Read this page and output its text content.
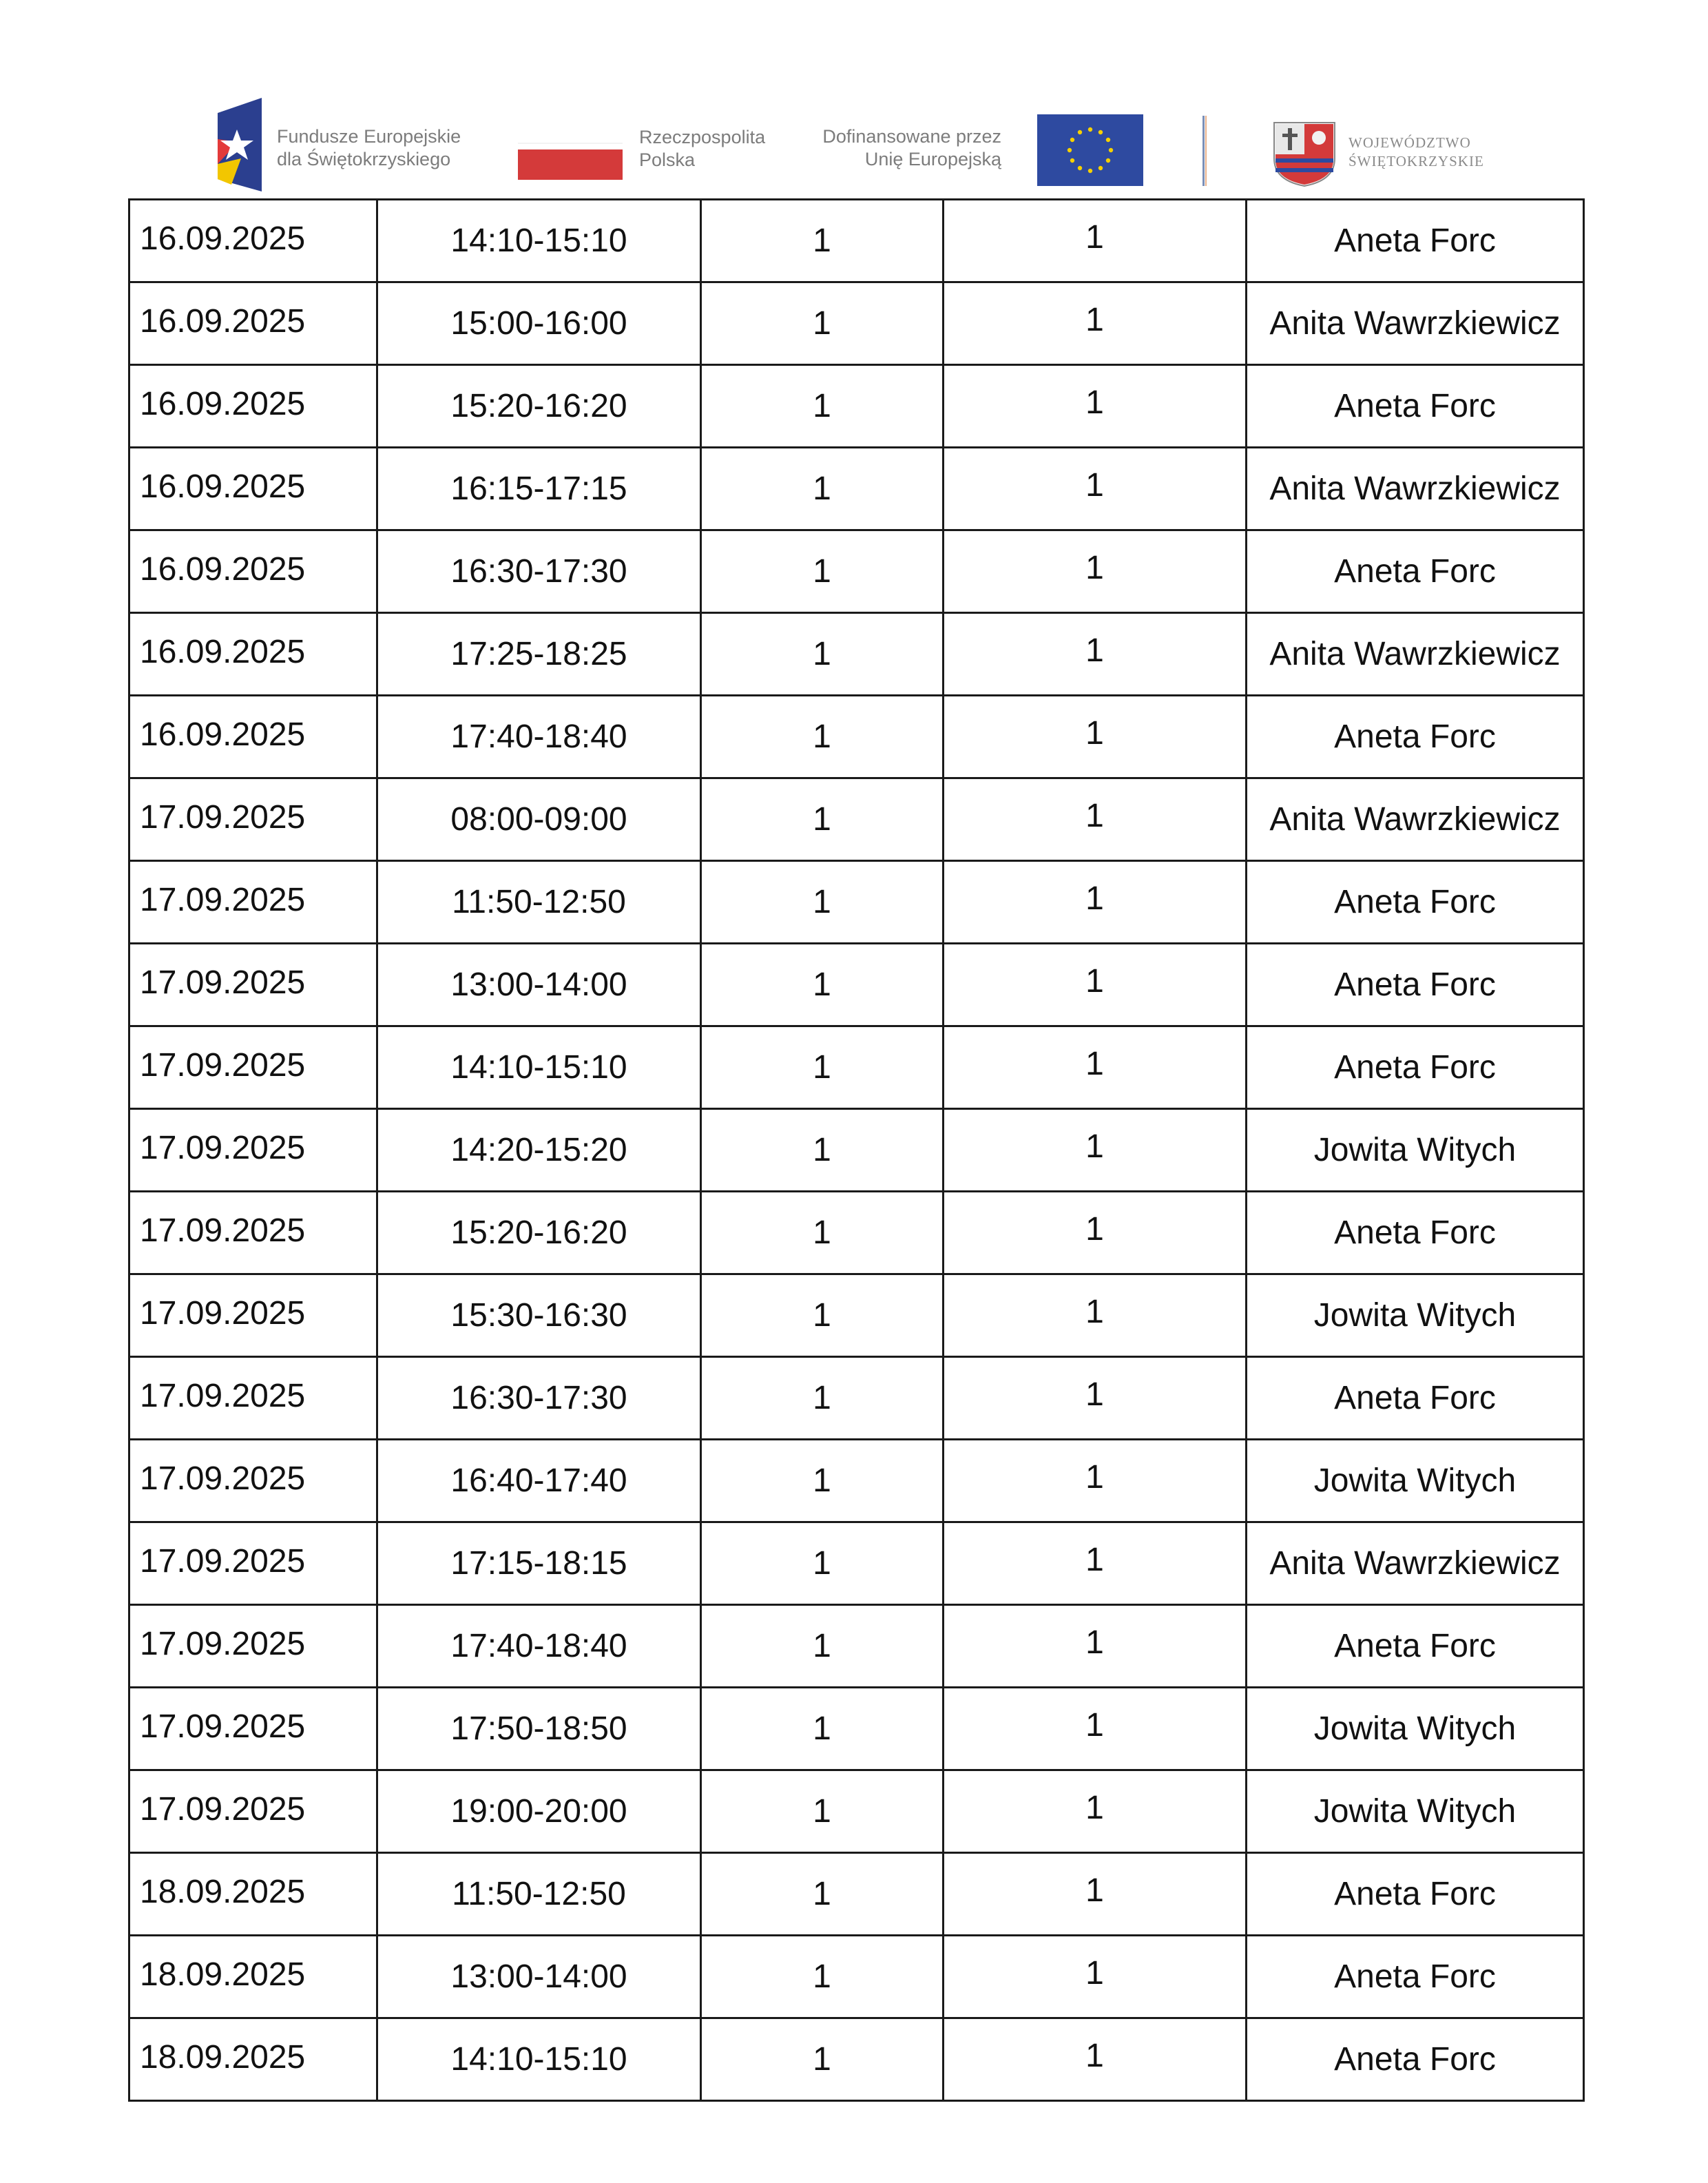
Fundusze Europejskie
dla Świętokrzyskiego
Rzeczpospolita
Polska
Dofinansowane przez
Unię Europejską
WOJEWÓDZTWO
ŚWIĘTOKRZYSKIE
16.09.2025	14:10-15:10	1	1	Aneta Forc
16.09.2025	15:00-16:00	1	1	Anita Wawrzkiewicz
16.09.2025	15:20-16:20	1	1	Aneta Forc
16.09.2025	16:15-17:15	1	1	Anita Wawrzkiewicz
16.09.2025	16:30-17:30	1	1	Aneta Forc
16.09.2025	17:25-18:25	1	1	Anita Wawrzkiewicz
16.09.2025	17:40-18:40	1	1	Aneta Forc
17.09.2025	08:00-09:00	1	1	Anita Wawrzkiewicz
17.09.2025	11:50-12:50	1	1	Aneta Forc
17.09.2025	13:00-14:00	1	1	Aneta Forc
17.09.2025	14:10-15:10	1	1	Aneta Forc
17.09.2025	14:20-15:20	1	1	Jowita Witych
17.09.2025	15:20-16:20	1	1	Aneta Forc
17.09.2025	15:30-16:30	1	1	Jowita Witych
17.09.2025	16:30-17:30	1	1	Aneta Forc
17.09.2025	16:40-17:40	1	1	Jowita Witych
17.09.2025	17:15-18:15	1	1	Anita Wawrzkiewicz
17.09.2025	17:40-18:40	1	1	Aneta Forc
17.09.2025	17:50-18:50	1	1	Jowita Witych
17.09.2025	19:00-20:00	1	1	Jowita Witych
18.09.2025	11:50-12:50	1	1	Aneta Forc
18.09.2025	13:00-14:00	1	1	Aneta Forc
18.09.2025	14:10-15:10	1	1	Aneta Forc
